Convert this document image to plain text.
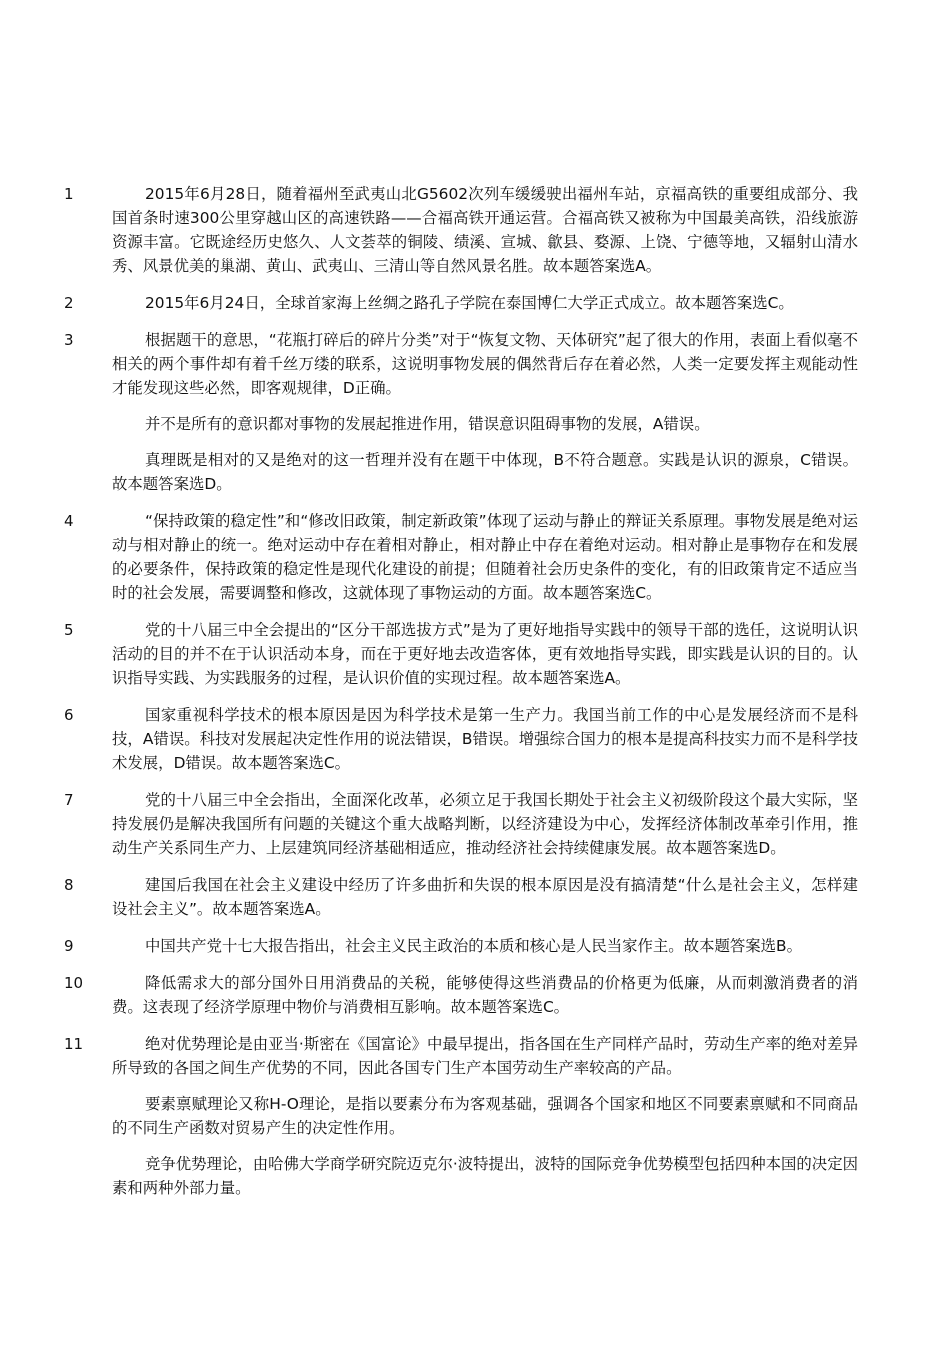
1	2015年6月28日，随着福州至武夷山北G5602次列车缓缓驶出福州车站，京福高铁的重要组成部分、我国首条时速300公里穿越山区的高速铁路——合福高铁开通运营。合福高铁又被称为中国最美高铁，沿线旅游资源丰富。它既途经历史悠久、人文荟萃的铜陵、绩溪、宣城、歙县、婺源、上饶、宁德等地，又辐射山清水秀、风景优美的巢湖、黄山、武夷山、三清山等自然风景名胜。故本题答案选A。

2	2015年6月24日，全球首家海上丝绸之路孔子学院在泰国博仁大学正式成立。故本题答案选C。

3	根据题干的意思，“花瓶打碎后的碎片分类”对于“恢复文物、天体研究”起了很大的作用，表面上看似毫不相关的两个事件却有着千丝万缕的联系，这说明事物发展的偶然背后存在着必然，人类一定要发挥主观能动性才能发现这些必然，即客观规律，D正确。

并不是所有的意识都对事物的发展起推进作用，错误意识阻碍事物的发展，A错误。

真理既是相对的又是绝对的这一哲理并没有在题干中体现，B不符合题意。实践是认识的源泉，C错误。故本题答案选D。

4	“保持政策的稳定性”和“修改旧政策，制定新政策”体现了运动与静止的辩证关系原理。事物发展是绝对运动与相对静止的统一。绝对运动中存在着相对静止，相对静止中存在着绝对运动。相对静止是事物存在和发展的必要条件，保持政策的稳定性是现代化建设的前提；但随着社会历史条件的变化，有的旧政策肯定不适应当时的社会发展，需要调整和修改，这就体现了事物运动的方面。故本题答案选C。

5	党的十八届三中全会提出的“区分干部选拔方式”是为了更好地指导实践中的领导干部的选任，这说明认识活动的目的并不在于认识活动本身，而在于更好地去改造客体，更有效地指导实践，即实践是认识的目的。认识指导实践、为实践服务的过程，是认识价值的实现过程。故本题答案选A。

6	国家重视科学技术的根本原因是因为科学技术是第一生产力。我国当前工作的中心是发展经济而不是科技，A错误。科技对发展起决定性作用的说法错误，B错误。增强综合国力的根本是提高科技实力而不是科学技术发展，D错误。故本题答案选C。

7	党的十八届三中全会指出，全面深化改革，必须立足于我国长期处于社会主义初级阶段这个最大实际，坚持发展仍是解决我国所有问题的关键这个重大战略判断，以经济建设为中心，发挥经济体制改革牵引作用，推动生产关系同生产力、上层建筑同经济基础相适应，推动经济社会持续健康发展。故本题答案选D。

8	建国后我国在社会主义建设中经历了许多曲折和失误的根本原因是没有搞清楚“什么是社会主义，怎样建设社会主义”。故本题答案选A。

9	中国共产党十七大报告指出，社会主义民主政治的本质和核心是人民当家作主。故本题答案选B。

10	降低需求大的部分国外日用消费品的关税，能够使得这些消费品的价格更为低廉，从而刺激消费者的消费。这表现了经济学原理中物价与消费相互影响。故本题答案选C。

11	绝对优势理论是由亚当·斯密在《国富论》中最早提出，指各国在生产同样产品时，劳动生产率的绝对差异所导致的各国之间生产优势的不同，因此各国专门生产本国劳动生产率较高的产品。

要素禀赋理论又称H-O理论，是指以要素分布为客观基础，强调各个国家和地区不同要素禀赋和不同商品的不同生产函数对贸易产生的决定性作用。

竞争优势理论，由哈佛大学商学研究院迈克尔·波特提出，波特的国际竞争优势模型包括四种本国的决定因素和两种外部力量。
